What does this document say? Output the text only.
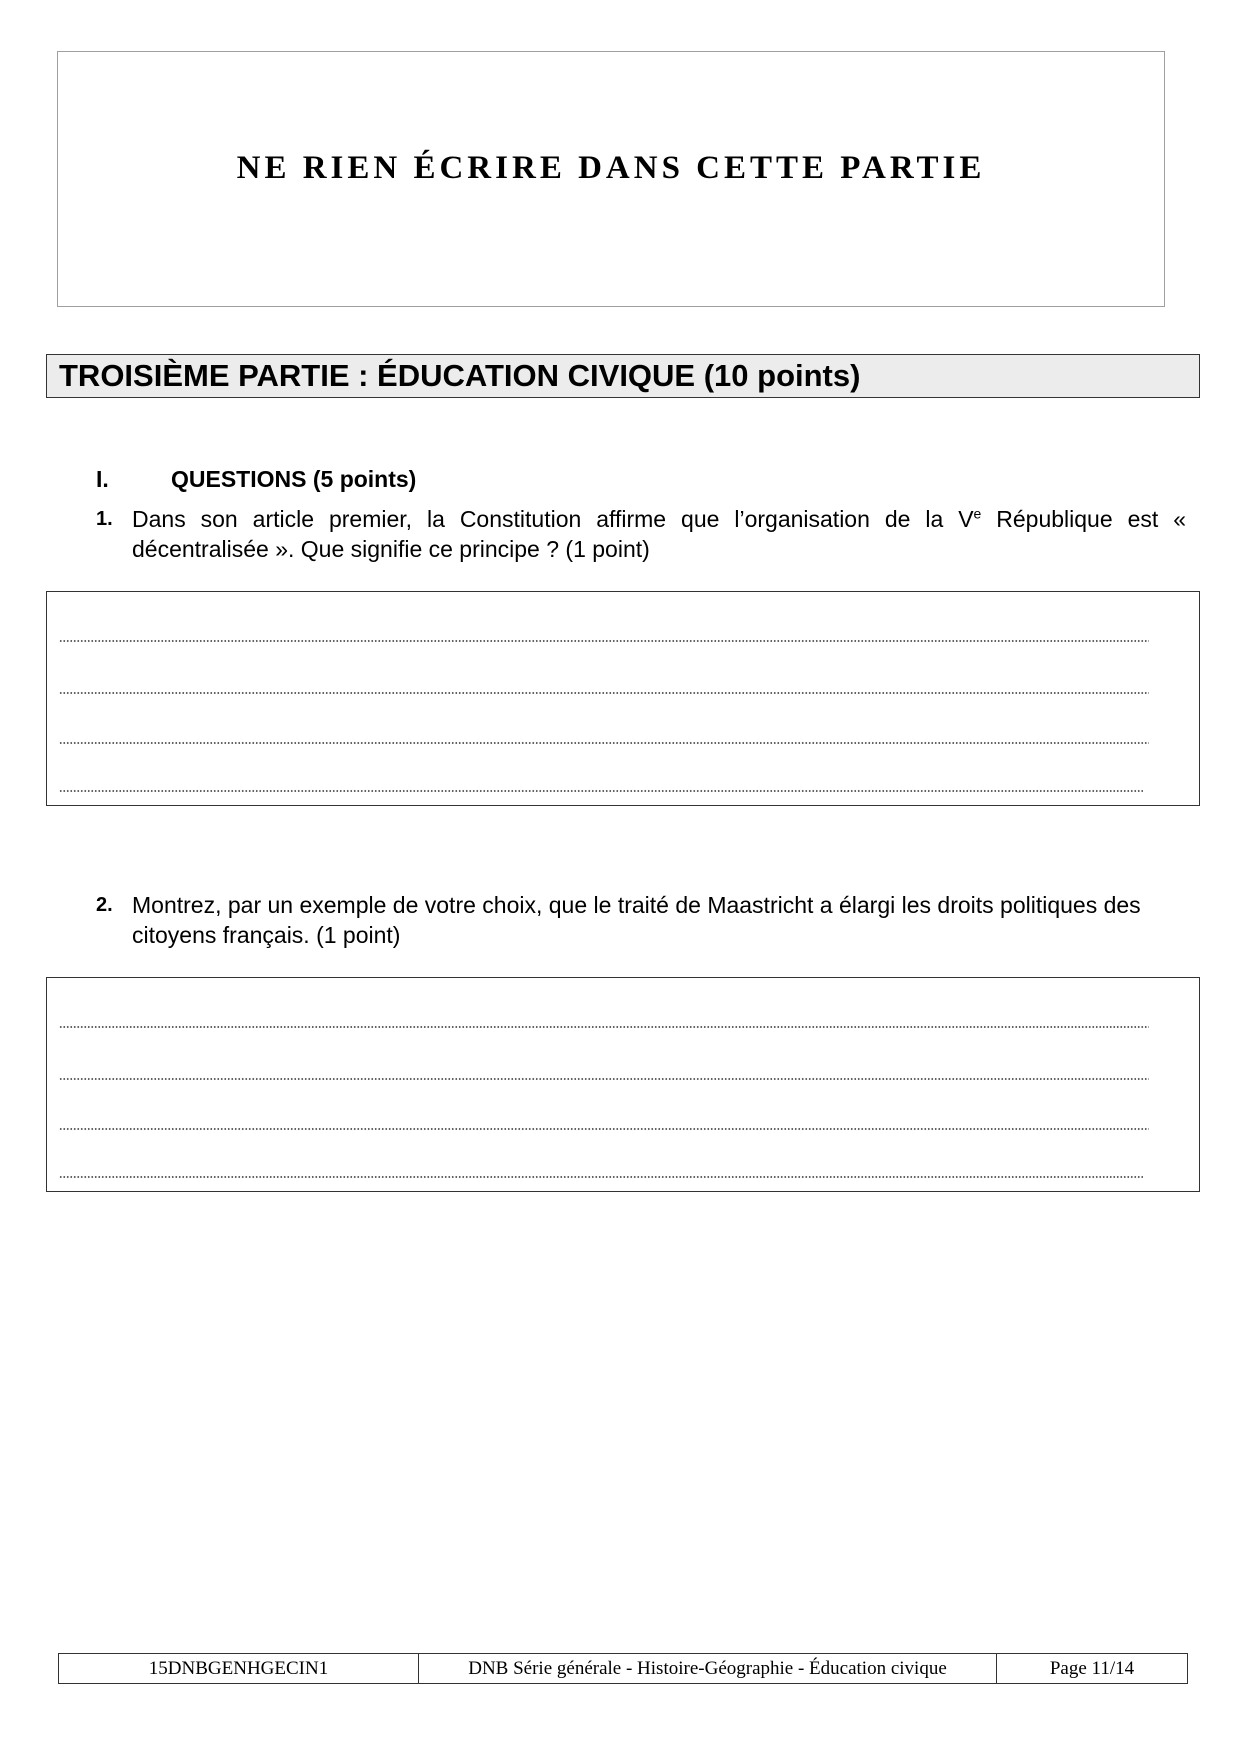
NE RIEN ÉCRIRE DANS CETTE PARTIE
TROISIÈME PARTIE : ÉDUCATION CIVIQUE (10 points)
I.	QUESTIONS (5 points)
1. Dans son article premier, la Constitution affirme que l’organisation de la Ve République est « décentralisée ». Que signifie ce principe ? (1 point)
2. Montrez, par un exemple de votre choix, que le traité de Maastricht a élargi les droits politiques des citoyens français. (1 point)
15DNBGENHGECIN1	DNB Série générale - Histoire-Géographie - Éducation civique	Page 11/14
